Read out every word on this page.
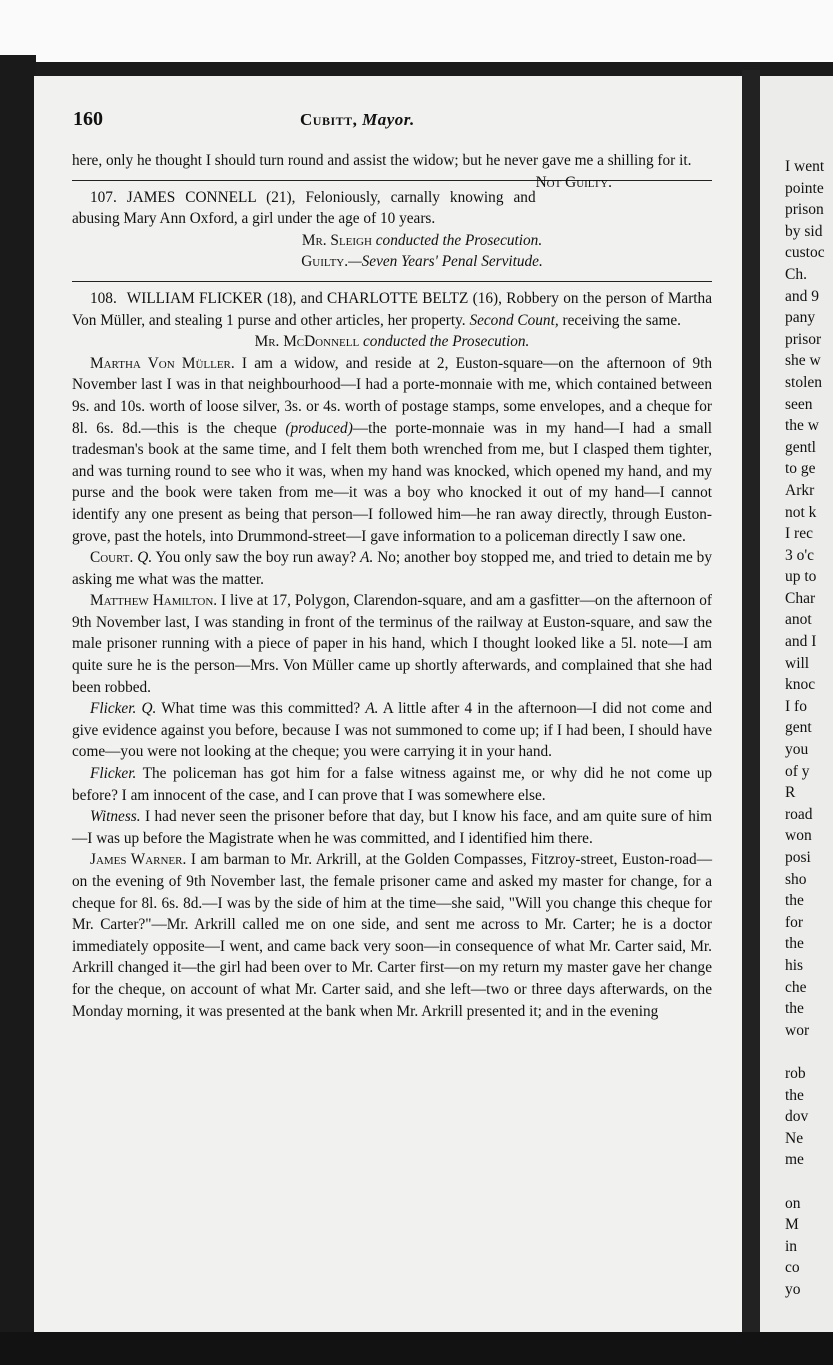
I went
pointe
prison
by sid
custoc
Ch.
and 9
pany
prisor
she w
stolen
seen
the w
gentl
to ge
Arkr
not k
I rec
3 o'c
up to
Char
anot
and I
will
knoc
I fo
gent
you
of y
R
road
won
posi
sho
the
for
the
his
che
the
wor

rob
the
dov
Ne
me

on
M
in
co
yo
160	Cubitt, Mayor.

here, only he thought I should turn round and assist the widow; but he never gave me a shilling for it.
Not Guilty.

107. JAMES CONNELL (21), Feloniously, carnally knowing and abusing Mary Ann Oxford, a girl under the age of 10 years.

Mr. Sleigh conducted the Prosecution.

Guilty.—Seven Years' Penal Servitude.

108. WILLIAM FLICKER (18), and CHARLOTTE BELTZ (16), Robbery on the person of Martha Von Müller, and stealing 1 purse and other articles, her property. Second Count, receiving the same.

Mr. McDonnell conducted the Prosecution.

Martha Von Müller. I am a widow, and reside at 2, Euston-square—on the afternoon of 9th November last I was in that neighbourhood—I had a porte-monnaie with me, which contained between 9s. and 10s. worth of loose silver, 3s. or 4s. worth of postage stamps, some envelopes, and a cheque for 8l. 6s. 8d.—this is the cheque (produced)—the porte-monnaie was in my hand—I had a small tradesman's book at the same time, and I felt them both wrenched from me, but I clasped them tighter, and was turning round to see who it was, when my hand was knocked, which opened my hand, and my purse and the book were taken from me—it was a boy who knocked it out of my hand—I cannot identify any one present as being that person—I followed him—he ran away directly, through Euston-grove, past the hotels, into Drummond-street—I gave information to a policeman directly I saw one.

Court. Q. You only saw the boy run away? A. No; another boy stopped me, and tried to detain me by asking me what was the matter.

Matthew Hamilton. I live at 17, Polygon, Clarendon-square, and am a gasfitter—on the afternoon of 9th November last, I was standing in front of the terminus of the railway at Euston-square, and saw the male prisoner running with a piece of paper in his hand, which I thought looked like a 5l. note—I am quite sure he is the person—Mrs. Von Müller came up shortly afterwards, and complained that she had been robbed.

Flicker. Q. What time was this committed? A. A little after 4 in the afternoon—I did not come and give evidence against you before, because I was not summoned to come up; if I had been, I should have come—you were not looking at the cheque; you were carrying it in your hand.

Flicker. The policeman has got him for a false witness against me, or why did he not come up before? I am innocent of the case, and I can prove that I was somewhere else.

Witness. I had never seen the prisoner before that day, but I know his face, and am quite sure of him—I was up before the Magistrate when he was committed, and I identified him there.

James Warner. I am barman to Mr. Arkrill, at the Golden Compasses, Fitzroy-street, Euston-road—on the evening of 9th November last, the female prisoner came and asked my master for change, for a cheque for 8l. 6s. 8d.—I was by the side of him at the time—she said, "Will you change this cheque for Mr. Carter?"—Mr. Arkrill called me on one side, and sent me across to Mr. Carter; he is a doctor immediately opposite—I went, and came back very soon—in consequence of what Mr. Carter said, Mr. Arkrill changed it—the girl had been over to Mr. Carter first—on my return my master gave her change for the cheque, on account of what Mr. Carter said, and she left—two or three days afterwards, on the Monday morning, it was presented at the bank when Mr. Arkrill presented it; and in the evening
